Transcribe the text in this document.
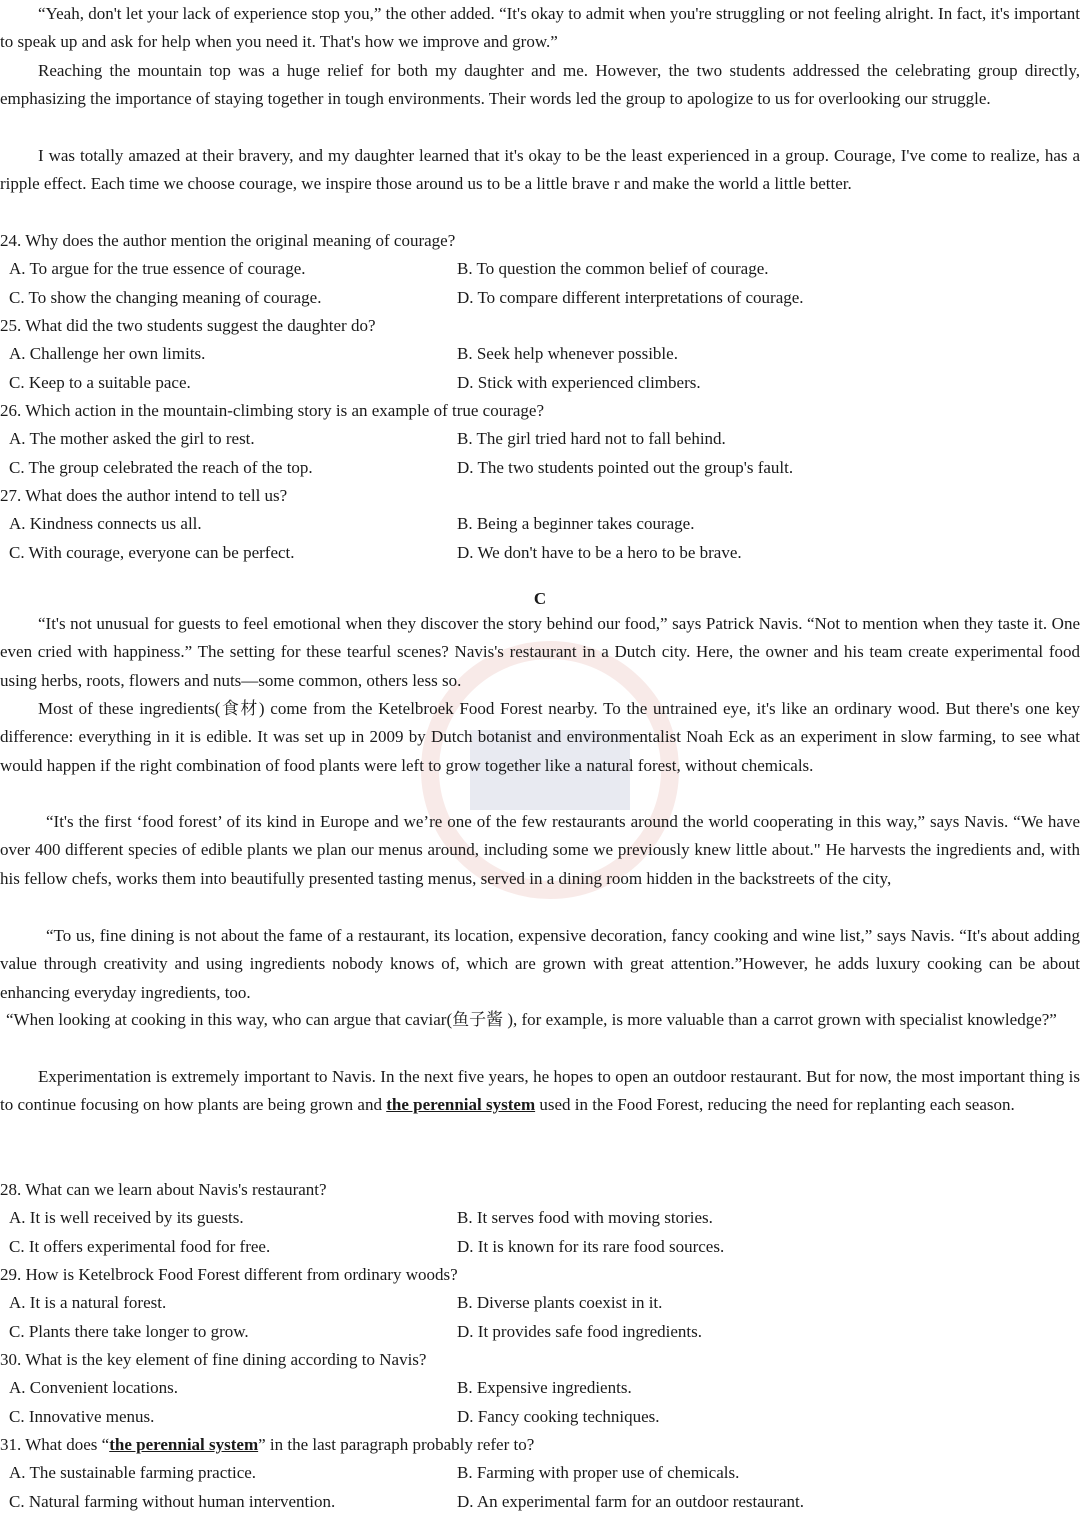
“Yeah, don't let your lack of experience stop you,” the other added. “It's okay to admit when you're struggling or not feeling alright. In fact, it's important to speak up and ask for help when you need it. That's how we improve and grow.”
Reaching the mountain top was a huge relief for both my daughter and me. However, the two students addressed the celebrating group directly, emphasizing the importance of staying together in tough environments. Their words led the group to apologize to us for overlooking our struggle.
I was totally amazed at their bravery, and my daughter learned that it's okay to be the least experienced in a group. Courage, I've come to realize, has a ripple effect. Each time we choose courage, we inspire those around us to be a little brave r and make the world a little better.
24. Why does the author mention the original meaning of courage?
A. To argue for the true essence of courage.	B. To question the common belief of courage.
C. To show the changing meaning of courage.	D. To compare different interpretations of courage.
25. What did the two students suggest the daughter do?
A. Challenge her own limits.	B. Seek help whenever possible.
C. Keep to a suitable pace.	D. Stick with experienced climbers.
26. Which action in the mountain-climbing story is an example of true courage?
A. The mother asked the girl to rest.	B. The girl tried hard not to fall behind.
C. The group celebrated the reach of the top.	D. The two students pointed out the group's fault.
27. What does the author intend to tell us?
A. Kindness connects us all.	B. Being a beginner takes courage.
C. With courage, everyone can be perfect.	D. We don't have to be a hero to be brave.
C
“It's not unusual for guests to feel emotional when they discover the story behind our food,” says Patrick Navis. “Not to mention when they taste it. One even cried with happiness.” The setting for these tearful scenes? Navis's restaurant in a Dutch city. Here, the owner and his team create experimental food using herbs, roots, flowers and nuts—some common, others less so.
Most of these ingredients(食材) come from the Ketelbroek Food Forest nearby. To the untrained eye, it's like an ordinary wood. But there's one key difference: everything in it is edible. It was set up in 2009 by Dutch botanist and environmentalist Noah Eck as an experiment in slow farming, to see what would happen if the right combination of food plants were left to grow together like a natural forest, without chemicals.
“It's the first ‘food forest’ of its kind in Europe and we’re one of the few restaurants around the world cooperating in this way,” says Navis. “We have over 400 different species of edible plants we plan our menus around, including some we previously knew little about." He harvests the ingredients and, with his fellow chefs, works them into beautifully presented tasting menus, served in a dining room hidden in the backstreets of the city,
“To us, fine dining is not about the fame of a restaurant, its location, expensive decoration, fancy cooking and wine list,” says Navis. “It's about adding value through creativity and using ingredients nobody knows of, which are grown with great attention.”However, he adds luxury cooking can be about enhancing everyday ingredients, too.
“When looking at cooking in this way, who can argue that caviar(鱼子酱 ), for example, is more valuable than a carrot grown with specialist knowledge?”
Experimentation is extremely important to Navis. In the next five years, he hopes to open an outdoor restaurant. But for now, the most important thing is to continue focusing on how plants are being grown and the perennial system used in the Food Forest, reducing the need for replanting each season.
28. What can we learn about Navis's restaurant?
A. It is well received by its guests.	B. It serves food with moving stories.
C. It offers experimental food for free.	D. It is known for its rare food sources.
29. How is Ketelbrock Food Forest different from ordinary woods?
A. It is a natural forest.	B. Diverse plants coexist in it.
C. Plants there take longer to grow.	D. It provides safe food ingredients.
30. What is the key element of fine dining according to Navis?
A. Convenient locations.	B. Expensive ingredients.
C. Innovative menus.	D. Fancy cooking techniques.
31. What does “the perennial system” in the last paragraph probably refer to?
A. The sustainable farming practice.	B. Farming with proper use of chemicals.
C. Natural farming without human intervention.	D. An experimental farm for an outdoor restaurant.
